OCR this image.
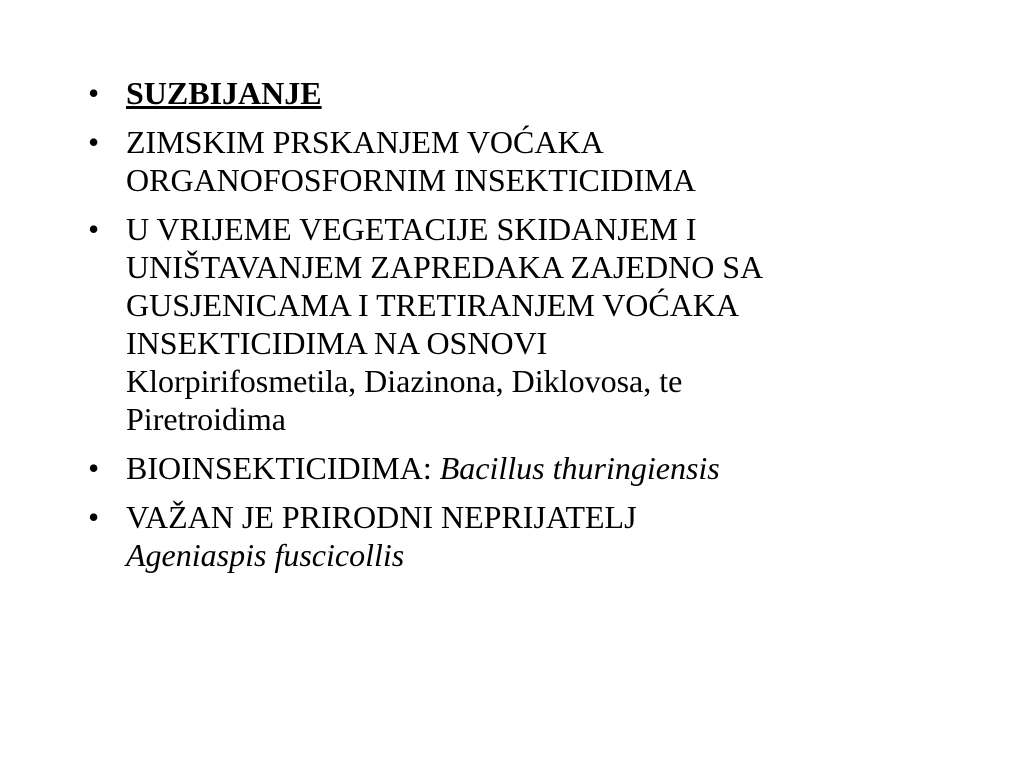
• SUZBIJANJE
• ZIMSKIM PRSKANJEM VOĆAKA
ORGANOFOSFORNIM INSEKTICIDIMA
• U VRIJEME VEGETACIJE SKIDANJEM I
UNIŠTAVANJEM ZAPREDAKA ZAJEDNO SA
GUSJENICAMA I TRETIRANJEM VOĆAKA
INSEKTICIDIMA NA OSNOVI
Klorpirifosmetila, Diazinona, Diklovosa, te
Piretroidima
• BIOINSEKTICIDIMA: Bacillus thuringiensis
• VAŽAN JE PRIRODNI NEPRIJATELJ
Ageniaspis fuscicollis
